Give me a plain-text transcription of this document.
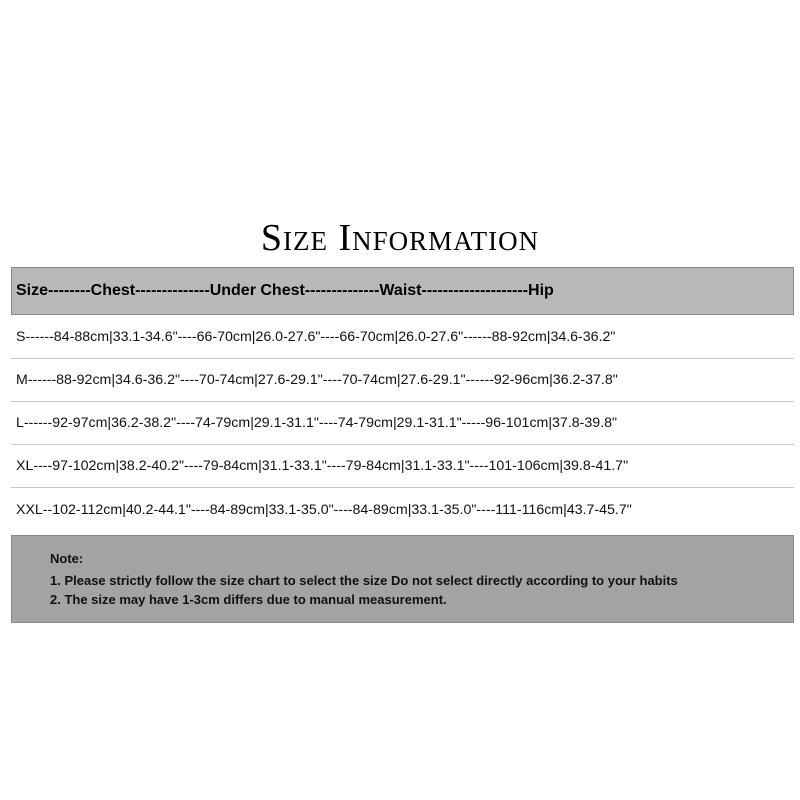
Size Information
Size--------Chest--------------Under Chest--------------Waist--------------------Hip
S------84-88cm|33.1-34.6"----66-70cm|26.0-27.6"----66-70cm|26.0-27.6"------88-92cm|34.6-36.2"
M------88-92cm|34.6-36.2"----70-74cm|27.6-29.1"----70-74cm|27.6-29.1"------92-96cm|36.2-37.8"
L------92-97cm|36.2-38.2"----74-79cm|29.1-31.1"----74-79cm|29.1-31.1"-----96-101cm|37.8-39.8"
XL----97-102cm|38.2-40.2"----79-84cm|31.1-33.1"----79-84cm|31.1-33.1"----101-106cm|39.8-41.7"
XXL--102-112cm|40.2-44.1"----84-89cm|33.1-35.0"----84-89cm|33.1-35.0"----111-116cm|43.7-45.7"
Note:
1. Please strictly follow the size chart to select the size Do not select directly according to your habits
2. The size may have 1-3cm differs due to manual measurement.
